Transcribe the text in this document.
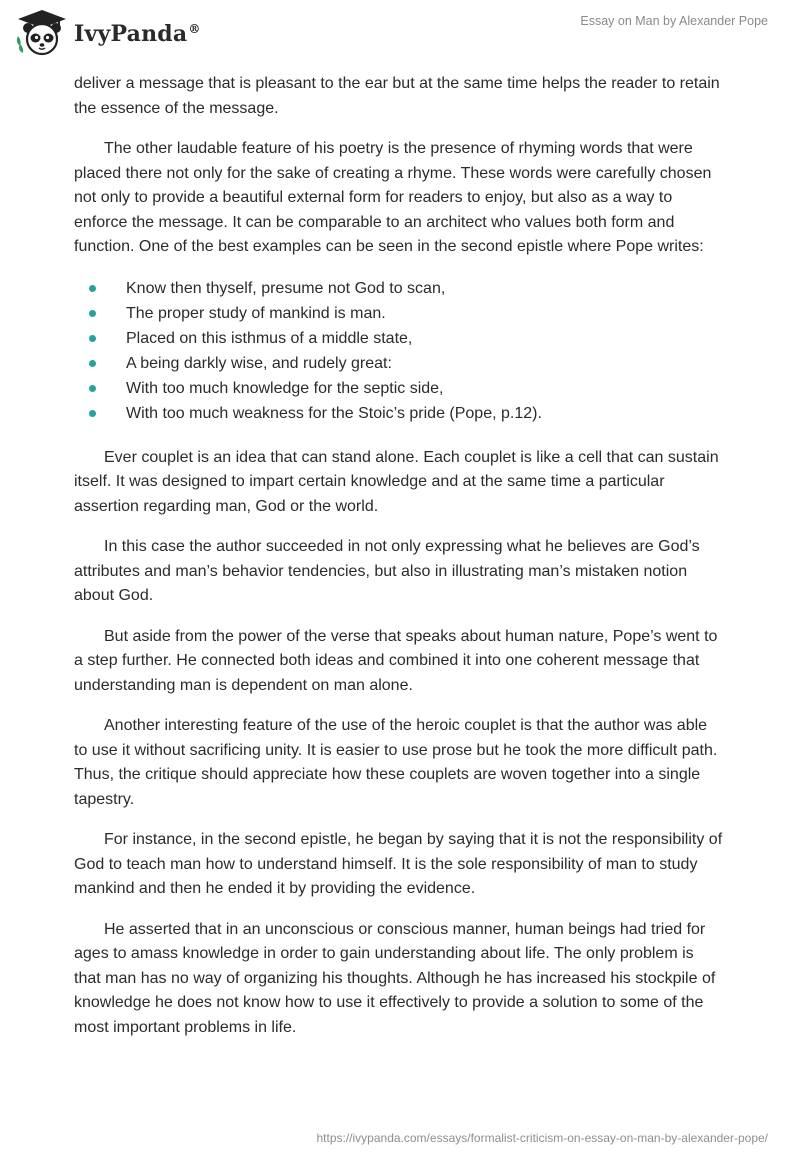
IvyPanda®
Essay on Man by Alexander Pope

deliver a message that is pleasant to the ear but at the same time helps the reader to retain the essence of the message.

The other laudable feature of his poetry is the presence of rhyming words that were placed there not only for the sake of creating a rhyme. These words were carefully chosen not only to provide a beautiful external form for readers to enjoy, but also as a way to enforce the message. It can be comparable to an architect who values both form and function. One of the best examples can be seen in the second epistle where Pope writes:

Know then thyself, presume not God to scan,
The proper study of mankind is man.
Placed on this isthmus of a middle state,
A being darkly wise, and rudely great:
With too much knowledge for the septic side,
With too much weakness for the Stoic’s pride (Pope, p.12).

Ever couplet is an idea that can stand alone. Each couplet is like a cell that can sustain itself. It was designed to impart certain knowledge and at the same time a particular assertion regarding man, God or the world.

In this case the author succeeded in not only expressing what he believes are God’s attributes and man’s behavior tendencies, but also in illustrating man’s mistaken notion about God.

But aside from the power of the verse that speaks about human nature, Pope’s went to a step further. He connected both ideas and combined it into one coherent message that understanding man is dependent on man alone.

Another interesting feature of the use of the heroic couplet is that the author was able to use it without sacrificing unity. It is easier to use prose but he took the more difficult path. Thus, the critique should appreciate how these couplets are woven together into a single tapestry.

For instance, in the second epistle, he began by saying that it is not the responsibility of God to teach man how to understand himself. It is the sole responsibility of man to study mankind and then he ended it by providing the evidence.

He asserted that in an unconscious or conscious manner, human beings had tried for ages to amass knowledge in order to gain understanding about life. The only problem is that man has no way of organizing his thoughts. Although he has increased his stockpile of knowledge he does not know how to use it effectively to provide a solution to some of the most important problems in life.

https://ivypanda.com/essays/formalist-criticism-on-essay-on-man-by-alexander-pope/
